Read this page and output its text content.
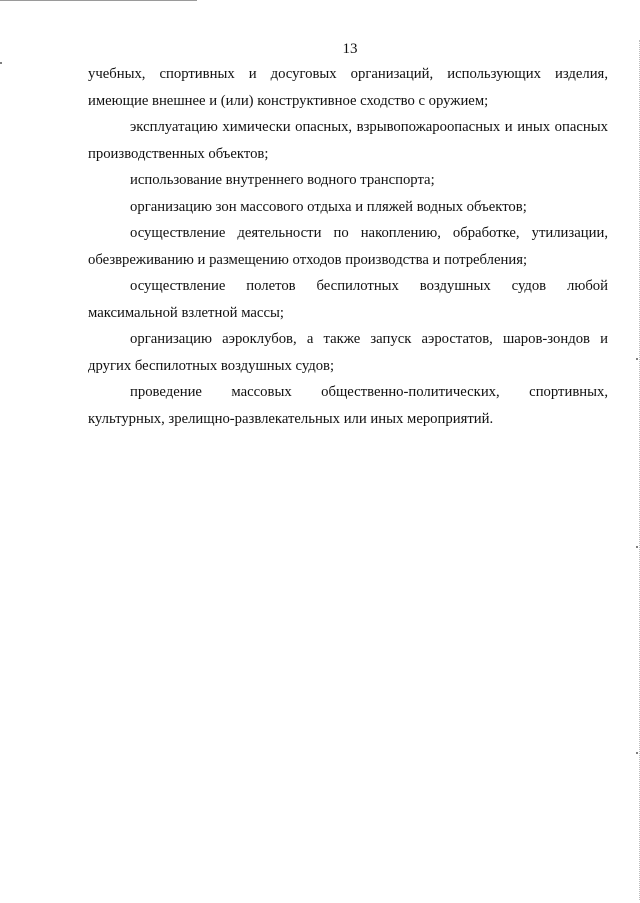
13

учебных, спортивных и досуговых организаций, использующих изделия, имеющие внешнее и (или) конструктивное сходство с оружием;

эксплуатацию химически опасных, взрывопожароопасных и иных опасных производственных объектов;

использование внутреннего водного транспорта;

организацию зон массового отдыха и пляжей водных объектов;

осуществление деятельности по накоплению, обработке, утилизации, обезвреживанию и размещению отходов производства и потребления;

осуществление полетов беспилотных воздушных судов любой максимальной взлетной массы;

организацию аэроклубов, а также запуск аэростатов, шаров-зондов и других беспилотных воздушных судов;

проведение массовых общественно-политических, спортивных, культурных, зрелищно-развлекательных или иных мероприятий.
